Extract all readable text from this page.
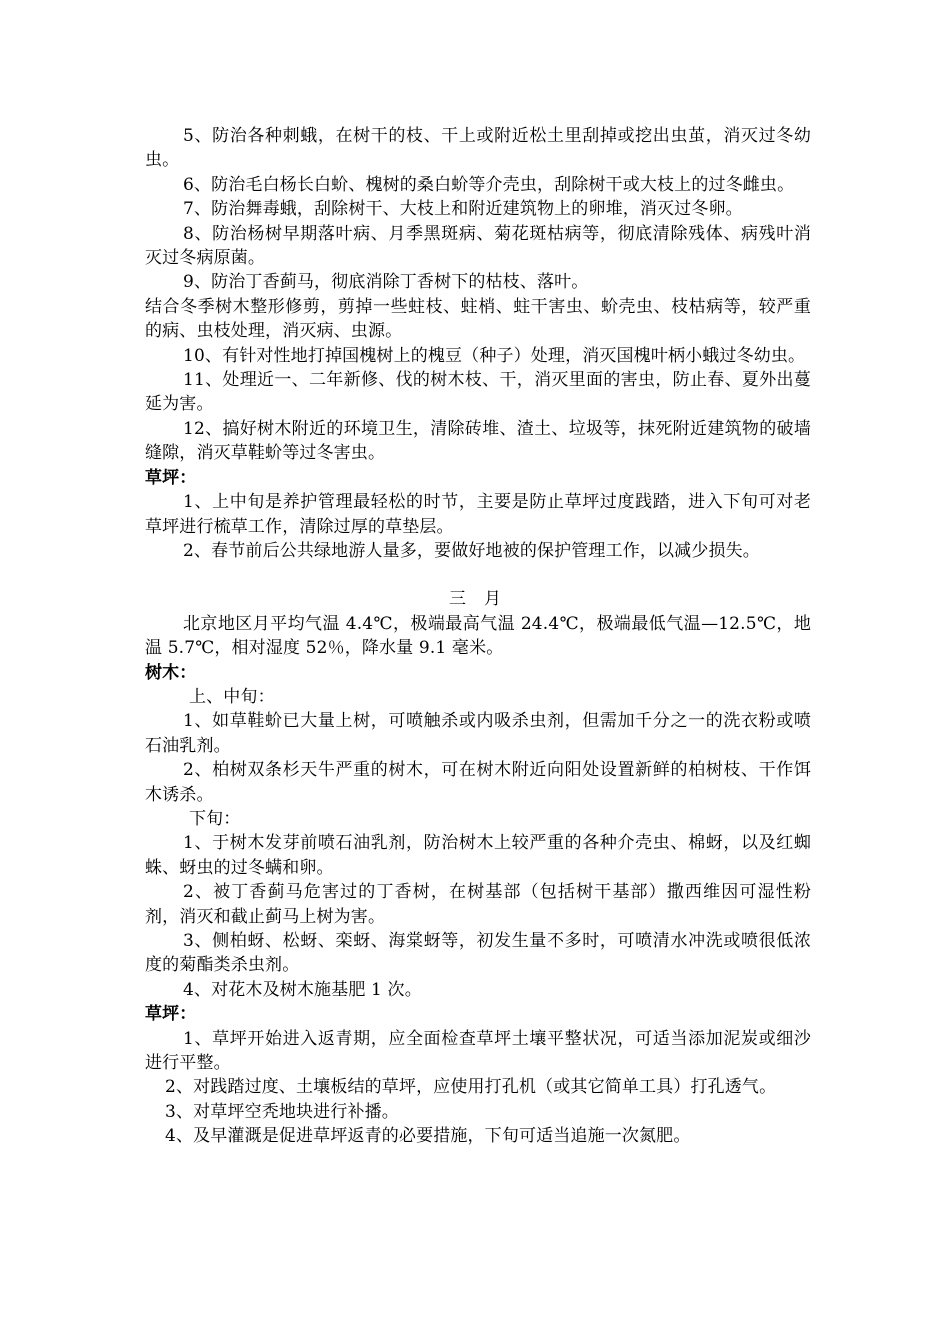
5、防治各种刺蛾，在树干的枝、干上或附近松土里刮掉或挖出虫茧，消灭过冬幼虫。

6、防治毛白杨长白蚧、槐树的桑白蚧等介壳虫，刮除树干或大枝上的过冬雌虫。

7、防治舞毒蛾，刮除树干、大枝上和附近建筑物上的卵堆，消灭过冬卵。

8、防治杨树早期落叶病、月季黑斑病、菊花斑枯病等，彻底清除残体、病残叶消灭过冬病原菌。

9、防治丁香蓟马，彻底消除丁香树下的枯枝、落叶。

结合冬季树木整形修剪，剪掉一些蛀枝、蛀梢、蛀干害虫、蚧壳虫、枝枯病等，较严重的病、虫枝处理，消灭病、虫源。

10、有针对性地打掉国槐树上的槐豆（种子）处理，消灭国槐叶柄小蛾过冬幼虫。

11、处理近一、二年新修、伐的树木枝、干，消灭里面的害虫，防止春、夏外出蔓延为害。

12、搞好树木附近的环境卫生，清除砖堆、渣土、垃圾等，抹死附近建筑物的破墙缝隙，消灭草鞋蚧等过冬害虫。

草坪：

1、上中旬是养护管理最轻松的时节，主要是防止草坪过度践踏，进入下旬可对老草坪进行梳草工作，清除过厚的草垫层。

2、春节前后公共绿地游人量多，要做好地被的保护管理工作，以减少损失。

三月

北京地区月平均气温 4.4℃，极端最高气温 24.4℃，极端最低气温—12.5℃，地温 5.7℃，相对湿度 52％，降水量 9.1 毫米。

树木：

上、中旬：

1、如草鞋蚧已大量上树，可喷触杀或内吸杀虫剂，但需加千分之一的洗衣粉或喷石油乳剂。

2、柏树双条杉天牛严重的树木，可在树木附近向阳处设置新鲜的柏树枝、干作饵木诱杀。

下旬：

1、于树木发芽前喷石油乳剂，防治树木上较严重的各种介壳虫、棉蚜，以及红蜘蛛、蚜虫的过冬螨和卵。

2、被丁香蓟马危害过的丁香树，在树基部（包括树干基部）撒西维因可湿性粉剂，消灭和截止蓟马上树为害。

3、侧柏蚜、松蚜、栾蚜、海棠蚜等，初发生量不多时，可喷清水冲洗或喷很低浓度的菊酯类杀虫剂。

4、对花木及树木施基肥 1 次。

草坪：

1、草坪开始进入返青期，应全面检查草坪土壤平整状况，可适当添加泥炭或细沙进行平整。

2、对践踏过度、土壤板结的草坪，应使用打孔机（或其它简单工具）打孔透气。

3、对草坪空秃地块进行补播。

4、及早灌溉是促进草坪返青的必要措施，下旬可适当追施一次氮肥。
